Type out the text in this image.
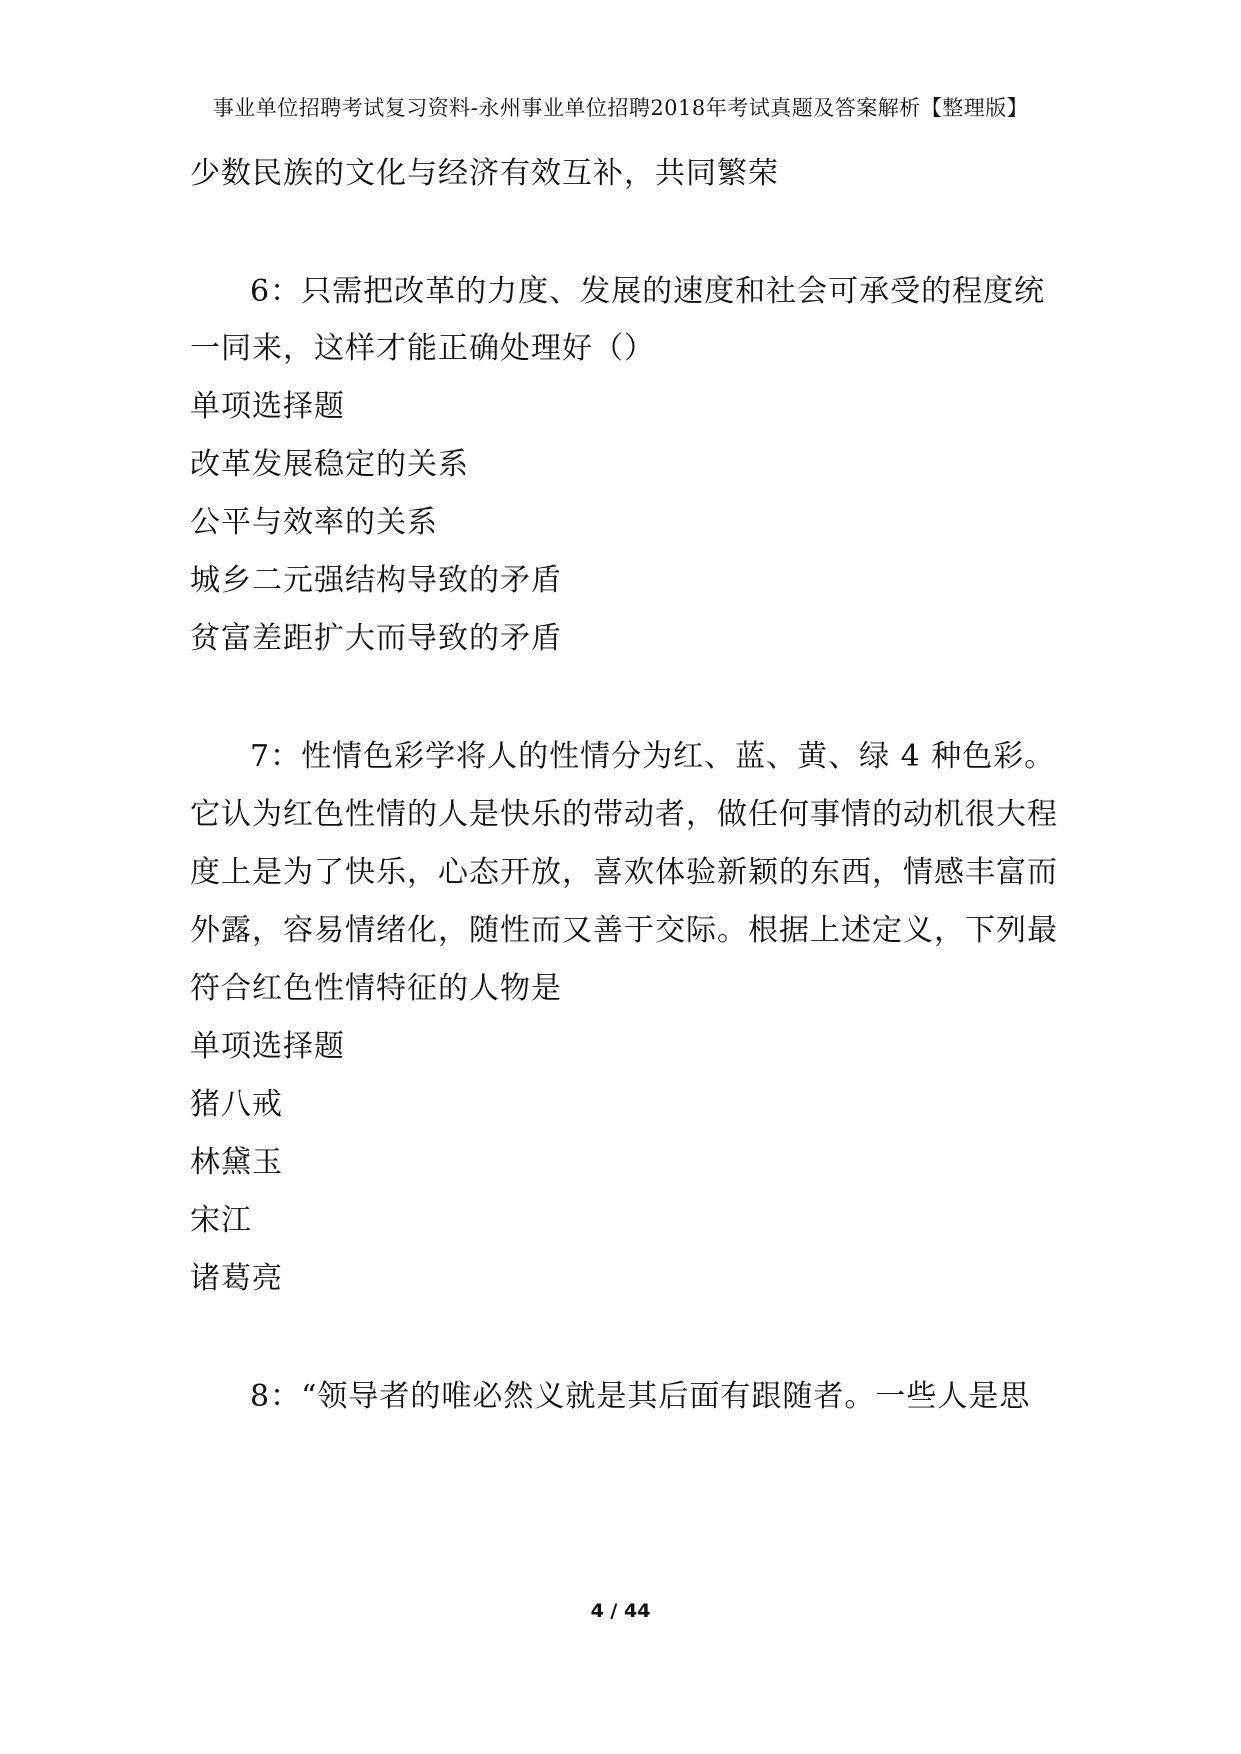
事业单位招聘考试复习资料-永州事业单位招聘2018年考试真题及答案解析【整理版】
少数民族的文化与经济有效互补，共同繁荣
6：只需把改革的力度、发展的速度和社会可承受的程度统
一同来，这样才能正确处理好（）
单项选择题
改革发展稳定的关系
公平与效率的关系
城乡二元强结构导致的矛盾
贫富差距扩大而导致的矛盾
7：性情色彩学将人的性情分为红、蓝、黄、绿 4 种色彩。
它认为红色性情的人是快乐的带动者，做任何事情的动机很大程
度上是为了快乐，心态开放，喜欢体验新颖的东西，情感丰富而
外露，容易情绪化，随性而又善于交际。根据上述定义，下列最
符合红色性情特征的人物是
单项选择题
猪八戒
林黛玉
宋江
诸葛亮
8：“领导者的唯必然义就是其后面有跟随者。一些人是思
4 / 44
